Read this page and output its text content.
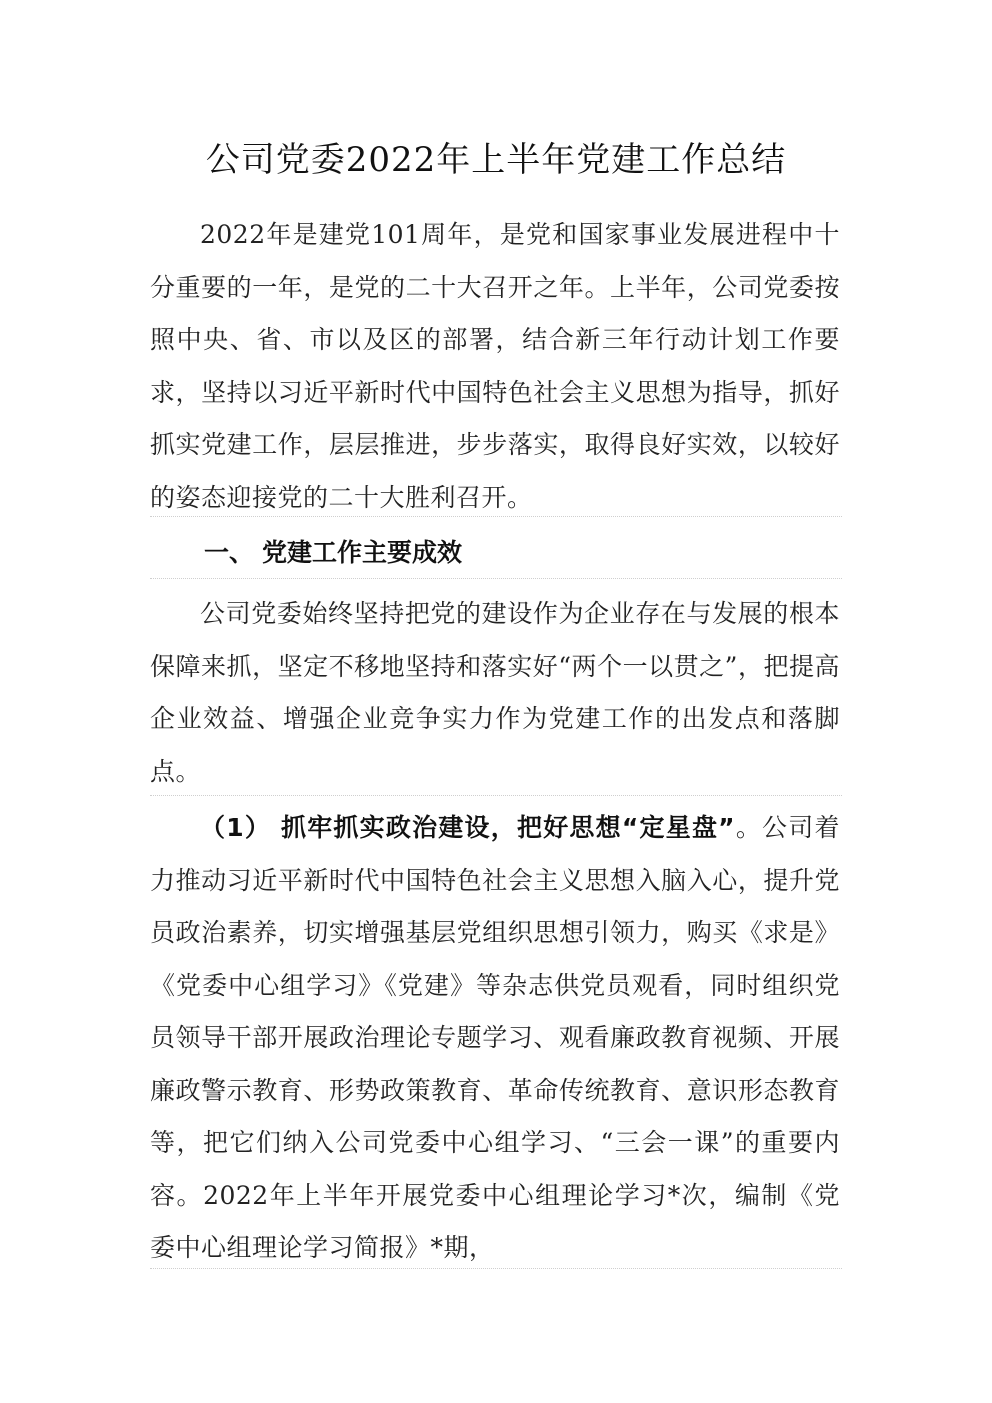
公司党委2022年上半年党建工作总结

2022年是建党101周年，是党和国家事业发展进程中十分重要的一年，是党的二十大召开之年。上半年，公司党委按照中央、省、市以及区的部署，结合新三年行动计划工作要求，坚持以习近平新时代中国特色社会主义思想为指导，抓好抓实党建工作，层层推进，步步落实，取得良好实效，以较好的姿态迎接党的二十大胜利召开。

一、 党建工作主要成效

公司党委始终坚持把党的建设作为企业存在与发展的根本保障来抓，坚定不移地坚持和落实好“两个一以贯之”，把提高企业效益、增强企业竞争实力作为党建工作的出发点和落脚点。

（1） 抓牢抓实政治建设，把好思想“定星盘”。公司着力推动习近平新时代中国特色社会主义思想入脑入心，提升党员政治素养，切实增强基层党组织思想引领力，购买《求是》《党委中心组学习》《党建》等杂志供党员观看，同时组织党员领导干部开展政治理论专题学习、观看廉政教育视频、开展廉政警示教育、形势政策教育、革命传统教育、意识形态教育等，把它们纳入公司党委中心组学习、“三会一课”的重要内容。2022年上半年开展党委中心组理论学习*次，编制《党委中心组理论学习简报》*期，
